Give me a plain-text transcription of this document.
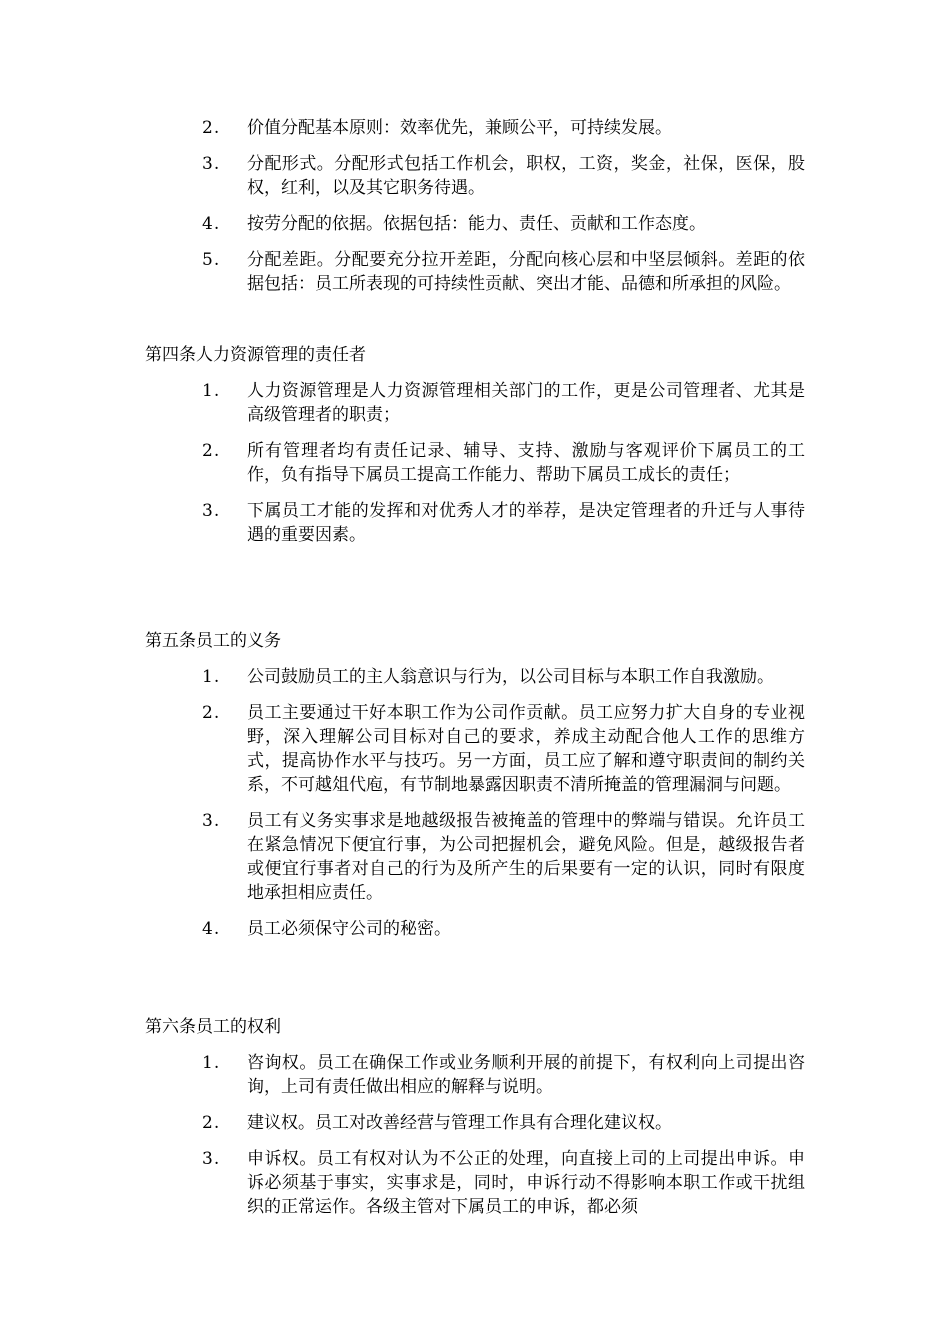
2.	价值分配基本原则：效率优先，兼顾公平，可持续发展。
3.	分配形式。分配形式包括工作机会，职权，工资，奖金，社保，医保，股权，红利，以及其它职务待遇。
4.	按劳分配的依据。依据包括：能力、责任、贡献和工作态度。
5.	分配差距。分配要充分拉开差距，分配向核心层和中坚层倾斜。差距的依据包括：员工所表现的可持续性贡献、突出才能、品德和所承担的风险。
第四条人力资源管理的责任者
1.	人力资源管理是人力资源管理相关部门的工作，更是公司管理者、尤其是高级管理者的职责；
2.	所有管理者均有责任记录、辅导、支持、激励与客观评价下属员工的工作，负有指导下属员工提高工作能力、帮助下属员工成长的责任；
3.	下属员工才能的发挥和对优秀人才的举荐，是决定管理者的升迁与人事待遇的重要因素。
第五条员工的义务
1.	公司鼓励员工的主人翁意识与行为，以公司目标与本职工作自我激励。
2.	员工主要通过干好本职工作为公司作贡献。员工应努力扩大自身的专业视野，深入理解公司目标对自己的要求，养成主动配合他人工作的思维方式，提高协作水平与技巧。另一方面，员工应了解和遵守职责间的制约关系，不可越俎代庖，有节制地暴露因职责不清所掩盖的管理漏洞与问题。
3.	员工有义务实事求是地越级报告被掩盖的管理中的弊端与错误。允许员工在紧急情况下便宜行事，为公司把握机会，避免风险。但是，越级报告者或便宜行事者对自己的行为及所产生的后果要有一定的认识，同时有限度地承担相应责任。
4.	员工必须保守公司的秘密。
第六条员工的权利
1.	咨询权。员工在确保工作或业务顺利开展的前提下，有权利向上司提出咨询，上司有责任做出相应的解释与说明。
2.	建议权。员工对改善经营与管理工作具有合理化建议权。
3.	申诉权。员工有权对认为不公正的处理，向直接上司的上司提出申诉。申诉必须基于事实，实事求是，同时，申诉行动不得影响本职工作或干扰组织的正常运作。各级主管对下属员工的申诉，都必须
